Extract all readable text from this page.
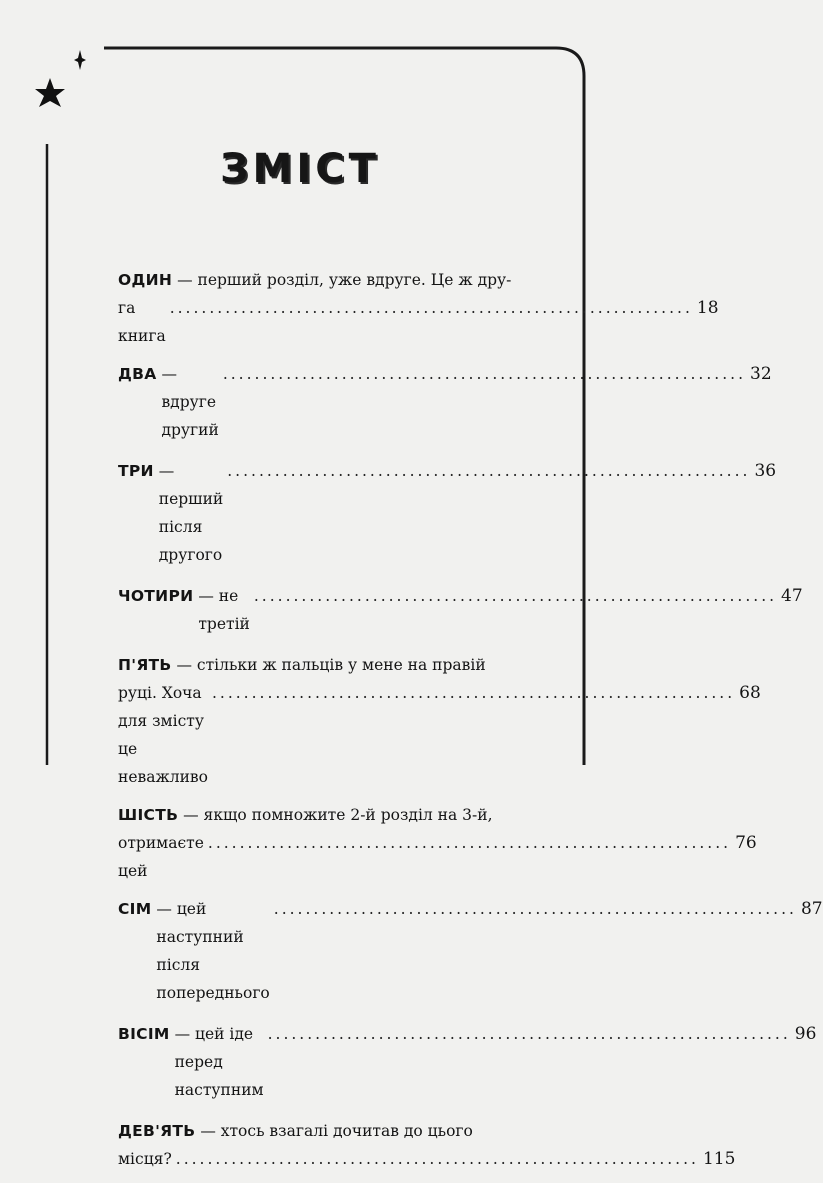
ЗМІСТ
ОДИН
— перший розділ, уже вдруге. Це ж дру-
га книга
.................................................................. 18
ДВА
— вдруге другий
.................................................................. 32
ТРИ
— перший після другого
.................................................................. 36
ЧОТИРИ
— не третій
.................................................................. 47
П'ЯТЬ
— стільки ж пальців у мене на правій
руці. Хоча для змісту це неважливо
.................................................................. 68
ШІСТЬ
— якщо помножите 2-й розділ на 3-й,
отримаєте цей
.................................................................. 76
СІМ
— цей наступний після попереднього
.................................................................. 87
ВІСІМ
— цей іде перед наступним
.................................................................. 96
ДЕВ'ЯТЬ
— хтось взагалі дочитав до цього
місця? .................................................................. 115
